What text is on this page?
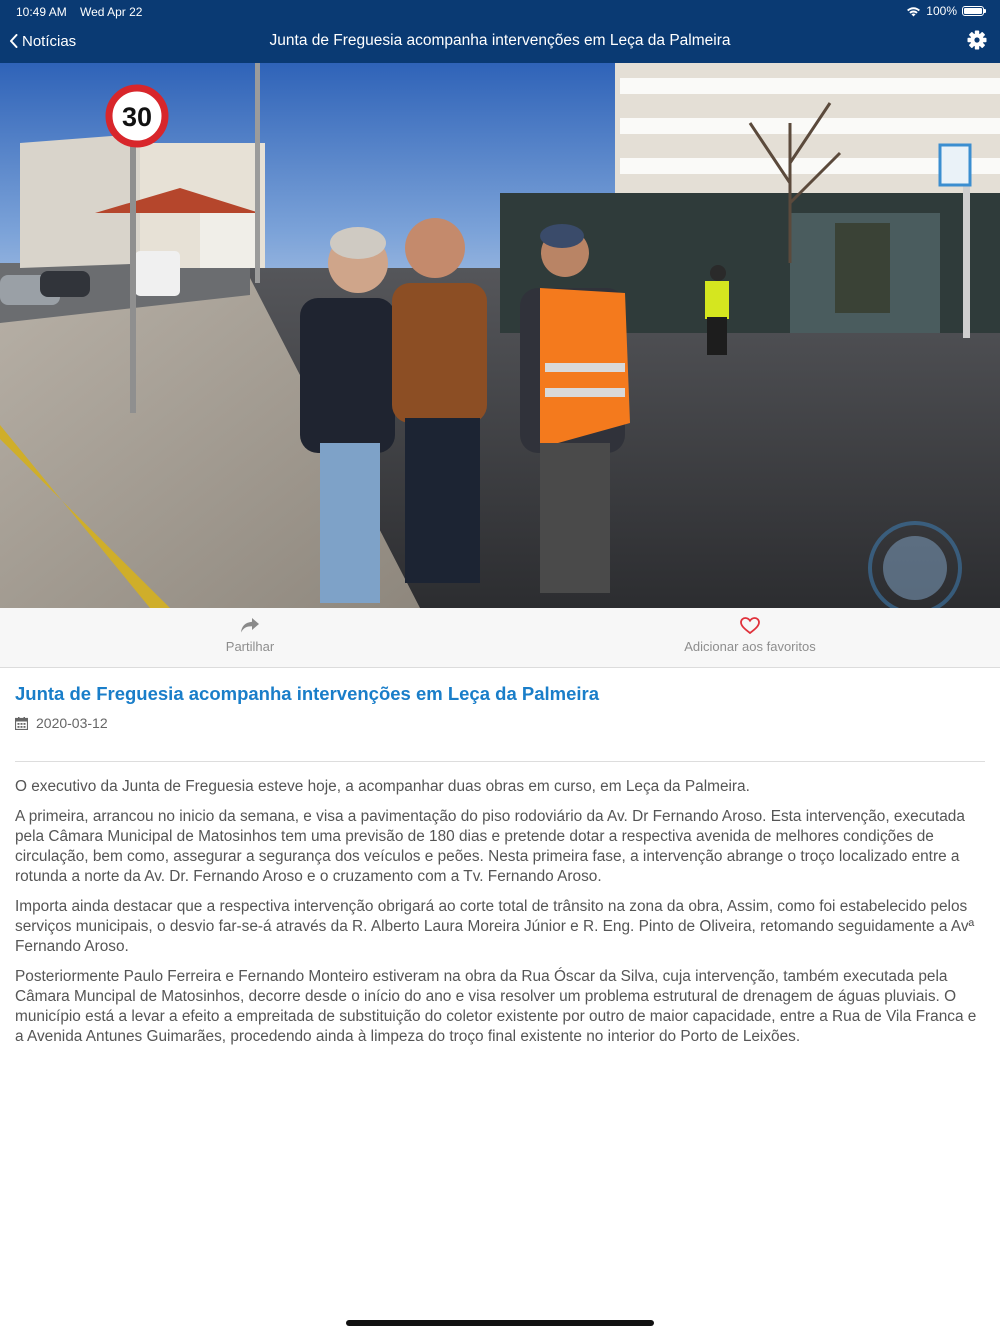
10:49 AM Wed Apr 22	100%
Notícias	Junta de Freguesia acompanha intervenções em Leça da Palmeira
30
Partilhar	Adicionar aos favoritos
Junta de Freguesia acompanha intervenções em Leça da Palmeira
2020-03-12

O executivo da Junta de Freguesia esteve hoje, a acompanhar duas obras em curso, em Leça da Palmeira.

A primeira, arrancou no inicio da semana, e visa a pavimentação do piso rodoviário da Av. Dr Fernando Aroso. Esta intervenção, executada pela Câmara Municipal de Matosinhos tem uma previsão de 180 dias e pretende dotar a respectiva avenida de melhores condições de circulação, bem como, assegurar a segurança dos veículos e peões. Nesta primeira fase, a intervenção abrange o troço localizado entre a rotunda a norte da Av. Dr. Fernando Aroso e o cruzamento com a Tv. Fernando Aroso.

Importa ainda destacar que a respectiva intervenção obrigará ao corte total de trânsito na zona da obra, Assim, como foi estabelecido pelos serviços municipais, o desvio far-se-á através da R. Alberto Laura Moreira Júnior e R. Eng. Pinto de Oliveira, retomando seguidamente a Avª Fernando Aroso.

Posteriormente Paulo Ferreira e Fernando Monteiro estiveram na obra da Rua Óscar da Silva, cuja intervenção, também executada pela Câmara Muncipal de Matosinhos, decorre desde o início do ano e visa resolver um problema estrutural de drenagem de águas pluviais. O município está a levar a efeito a empreitada de substituição do coletor existente por outro de maior capacidade, entre a Rua de Vila Franca e a Avenida Antunes Guimarães, procedendo ainda à limpeza do troço final existente no interior do Porto de Leixões.
